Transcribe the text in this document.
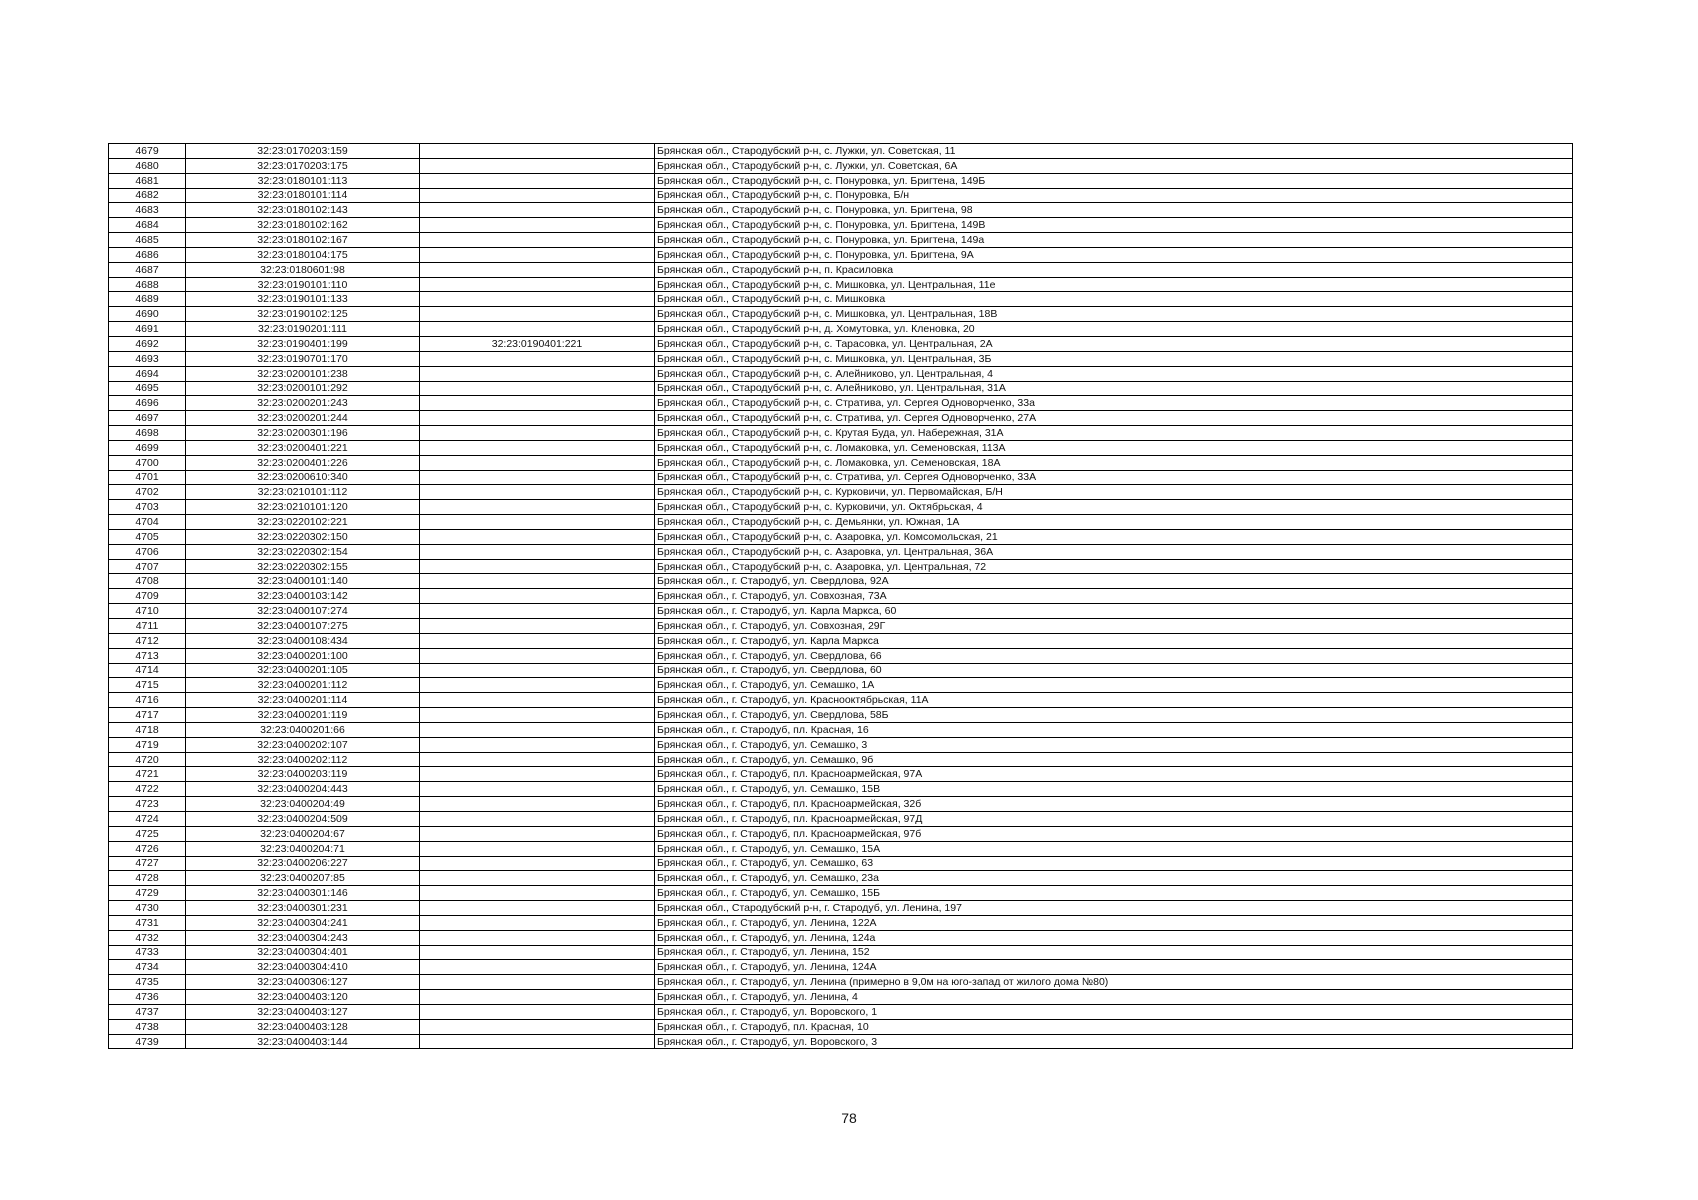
4679	32:23:0170203:159		Брянская обл., Стародубский р-н, с. Лужки, ул. Советская, 11
4680	32:23:0170203:175		Брянская обл., Стародубский р-н, с. Лужки, ул. Советская, 6А
4681	32:23:0180101:113		Брянская обл., Стародубский р-н, с. Понуровка, ул. Бригтена, 149Б
4682	32:23:0180101:114		Брянская обл., Стародубский р-н, с. Понуровка, Б/н
4683	32:23:0180102:143		Брянская обл., Стародубский р-н, с. Понуровка, ул. Бригтена, 98
4684	32:23:0180102:162		Брянская обл., Стародубский р-н, с. Понуровка, ул. Бригтена, 149В
4685	32:23:0180102:167		Брянская обл., Стародубский р-н, с. Понуровка, ул. Бригтена, 149а
4686	32:23:0180104:175		Брянская обл., Стародубский р-н, с. Понуровка, ул. Бригтена, 9А
4687	32:23:0180601:98		Брянская обл., Стародубский р-н, п. Красиловка
4688	32:23:0190101:110		Брянская обл., Стародубский р-н, с. Мишковка, ул. Центральная, 11е
4689	32:23:0190101:133		Брянская обл., Стародубский р-н, с. Мишковка
4690	32:23:0190102:125		Брянская обл., Стародубский р-н, с. Мишковка, ул. Центральная, 18В
4691	32:23:0190201:111		Брянская обл., Стародубский р-н, д. Хомутовка, ул. Кленовка, 20
4692	32:23:0190401:199	32:23:0190401:221	Брянская обл., Стародубский р-н, с. Тарасовка, ул. Центральная, 2А
4693	32:23:0190701:170		Брянская обл., Стародубский р-н, с. Мишковка, ул. Центральная, 3Б
4694	32:23:0200101:238		Брянская обл., Стародубский р-н, с. Алейниково, ул. Центральная, 4
4695	32:23:0200101:292		Брянская обл., Стародубский р-н, с. Алейниково, ул. Центральная, 31А
4696	32:23:0200201:243		Брянская обл., Стародубский р-н, с. Стратива, ул. Сергея Одноворченко, 33а
4697	32:23:0200201:244		Брянская обл., Стародубский р-н, с. Стратива, ул. Сергея Одноворченко, 27А
4698	32:23:0200301:196		Брянская обл., Стародубский р-н, с. Крутая Буда, ул. Набережная, 31А
4699	32:23:0200401:221		Брянская обл., Стародубский р-н, с. Ломаковка, ул. Семеновская, 113А
4700	32:23:0200401:226		Брянская обл., Стародубский р-н, с. Ломаковка, ул. Семеновская, 18А
4701	32:23:0200610:340		Брянская обл., Стародубский р-н, с. Стратива, ул. Сергея Одноворченко, 33А
4702	32:23:0210101:112		Брянская обл., Стародубский р-н, с. Курковичи, ул. Первомайская, Б/Н
4703	32:23:0210101:120		Брянская обл., Стародубский р-н, с. Курковичи, ул. Октябрьская, 4
4704	32:23:0220102:221		Брянская обл., Стародубский р-н, с. Демьянки, ул. Южная, 1А
4705	32:23:0220302:150		Брянская обл., Стародубский р-н, с. Азаровка, ул. Комсомольская, 21
4706	32:23:0220302:154		Брянская обл., Стародубский р-н, с. Азаровка, ул. Центральная, 36А
4707	32:23:0220302:155		Брянская обл., Стародубский р-н, с. Азаровка, ул. Центральная, 72
4708	32:23:0400101:140		Брянская обл., г. Стародуб, ул. Свердлова, 92А
4709	32:23:0400103:142		Брянская обл., г. Стародуб, ул. Совхозная, 73А
4710	32:23:0400107:274		Брянская обл., г. Стародуб, ул. Карла Маркса, 60
4711	32:23:0400107:275		Брянская обл., г. Стародуб, ул. Совхозная, 29Г
4712	32:23:0400108:434		Брянская обл., г. Стародуб, ул. Карла Маркса
4713	32:23:0400201:100		Брянская обл., г. Стародуб, ул. Свердлова, 66
4714	32:23:0400201:105		Брянская обл., г. Стародуб, ул. Свердлова, 60
4715	32:23:0400201:112		Брянская обл., г. Стародуб, ул. Семашко, 1А
4716	32:23:0400201:114		Брянская обл., г. Стародуб, ул. Краснооктябрьская, 11А
4717	32:23:0400201:119		Брянская обл., г. Стародуб, ул. Свердлова, 58Б
4718	32:23:0400201:66		Брянская обл., г. Стародуб, пл. Красная, 16
4719	32:23:0400202:107		Брянская обл., г. Стародуб, ул. Семашко, 3
4720	32:23:0400202:112		Брянская обл., г. Стародуб, ул. Семашко, 9б
4721	32:23:0400203:119		Брянская обл., г. Стародуб, пл. Красноармейская, 97А
4722	32:23:0400204:443		Брянская обл., г. Стародуб, ул. Семашко, 15В
4723	32:23:0400204:49		Брянская обл., г. Стародуб, пл. Красноармейская, 32б
4724	32:23:0400204:509		Брянская обл., г. Стародуб, пл. Красноармейская, 97Д
4725	32:23:0400204:67		Брянская обл., г. Стародуб, пл. Красноармейская, 97б
4726	32:23:0400204:71		Брянская обл., г. Стародуб, ул. Семашко, 15А
4727	32:23:0400206:227		Брянская обл., г. Стародуб, ул. Семашко, 63
4728	32:23:0400207:85		Брянская обл., г. Стародуб, ул. Семашко, 23а
4729	32:23:0400301:146		Брянская обл., г. Стародуб, ул. Семашко, 15Б
4730	32:23:0400301:231		Брянская обл., Стародубский р-н, г. Стародуб, ул. Ленина, 197
4731	32:23:0400304:241		Брянская обл., г. Стародуб, ул. Ленина, 122А
4732	32:23:0400304:243		Брянская обл., г. Стародуб, ул. Ленина, 124а
4733	32:23:0400304:401		Брянская обл., г. Стародуб, ул. Ленина, 152
4734	32:23:0400304:410		Брянская обл., г. Стародуб, ул. Ленина, 124А
4735	32:23:0400306:127		Брянская обл., г. Стародуб, ул. Ленина (примерно в 9,0м на юго-запад от жилого дома №80)
4736	32:23:0400403:120		Брянская обл., г. Стародуб, ул. Ленина, 4
4737	32:23:0400403:127		Брянская обл., г. Стародуб, ул. Воровского, 1
4738	32:23:0400403:128		Брянская обл., г. Стародуб, пл. Красная, 10
4739	32:23:0400403:144		Брянская обл., г. Стародуб, ул. Воровского, 3
78
